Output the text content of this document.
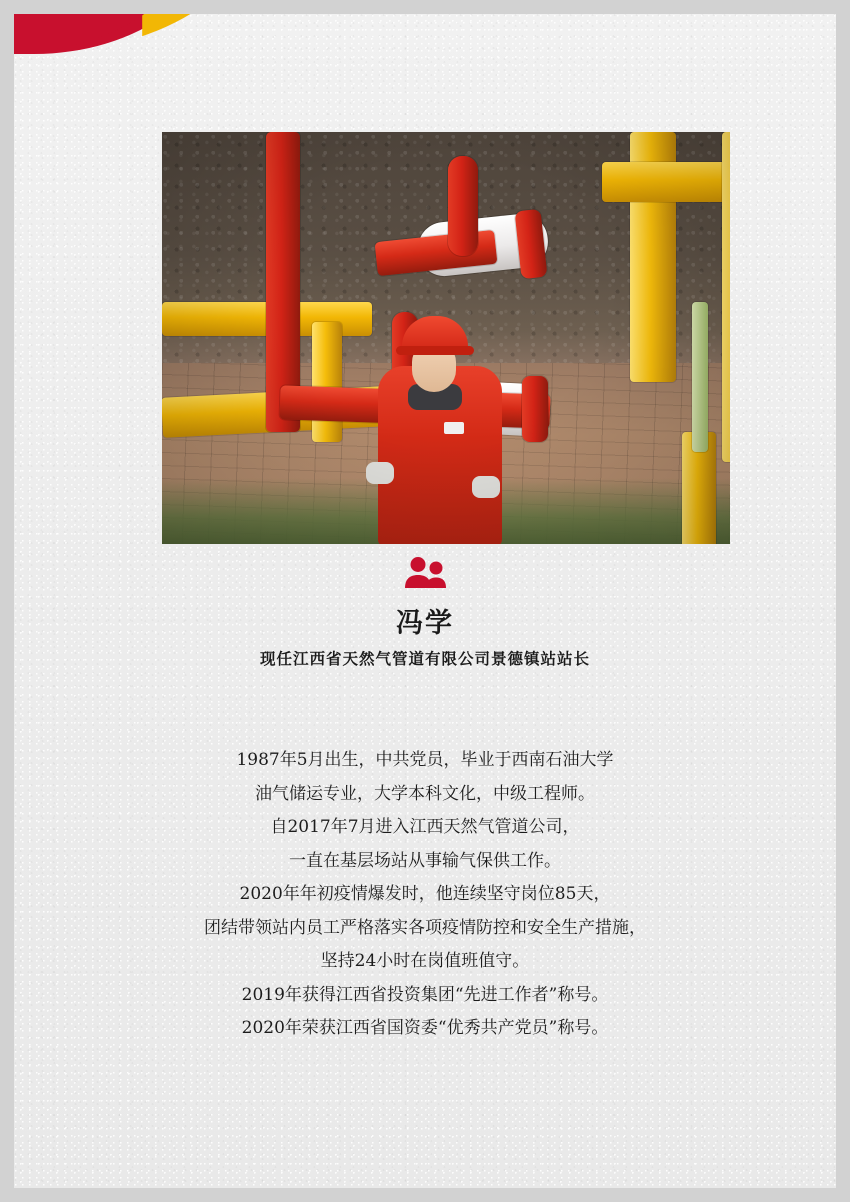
冯学
现任江西省天然气管道有限公司景德镇站站长
1987年5月出生，中共党员，毕业于西南石油大学
油气储运专业，大学本科文化，中级工程师。
自2017年7月进入江西天然气管道公司，
一直在基层场站从事输气保供工作。
2020年年初疫情爆发时，他连续坚守岗位85天，
团结带领站内员工严格落实各项疫情防控和安全生产措施，
坚持24小时在岗值班值守。
2019年获得江西省投资集团“先进工作者”称号。
2020年荣获江西省国资委“优秀共产党员”称号。
